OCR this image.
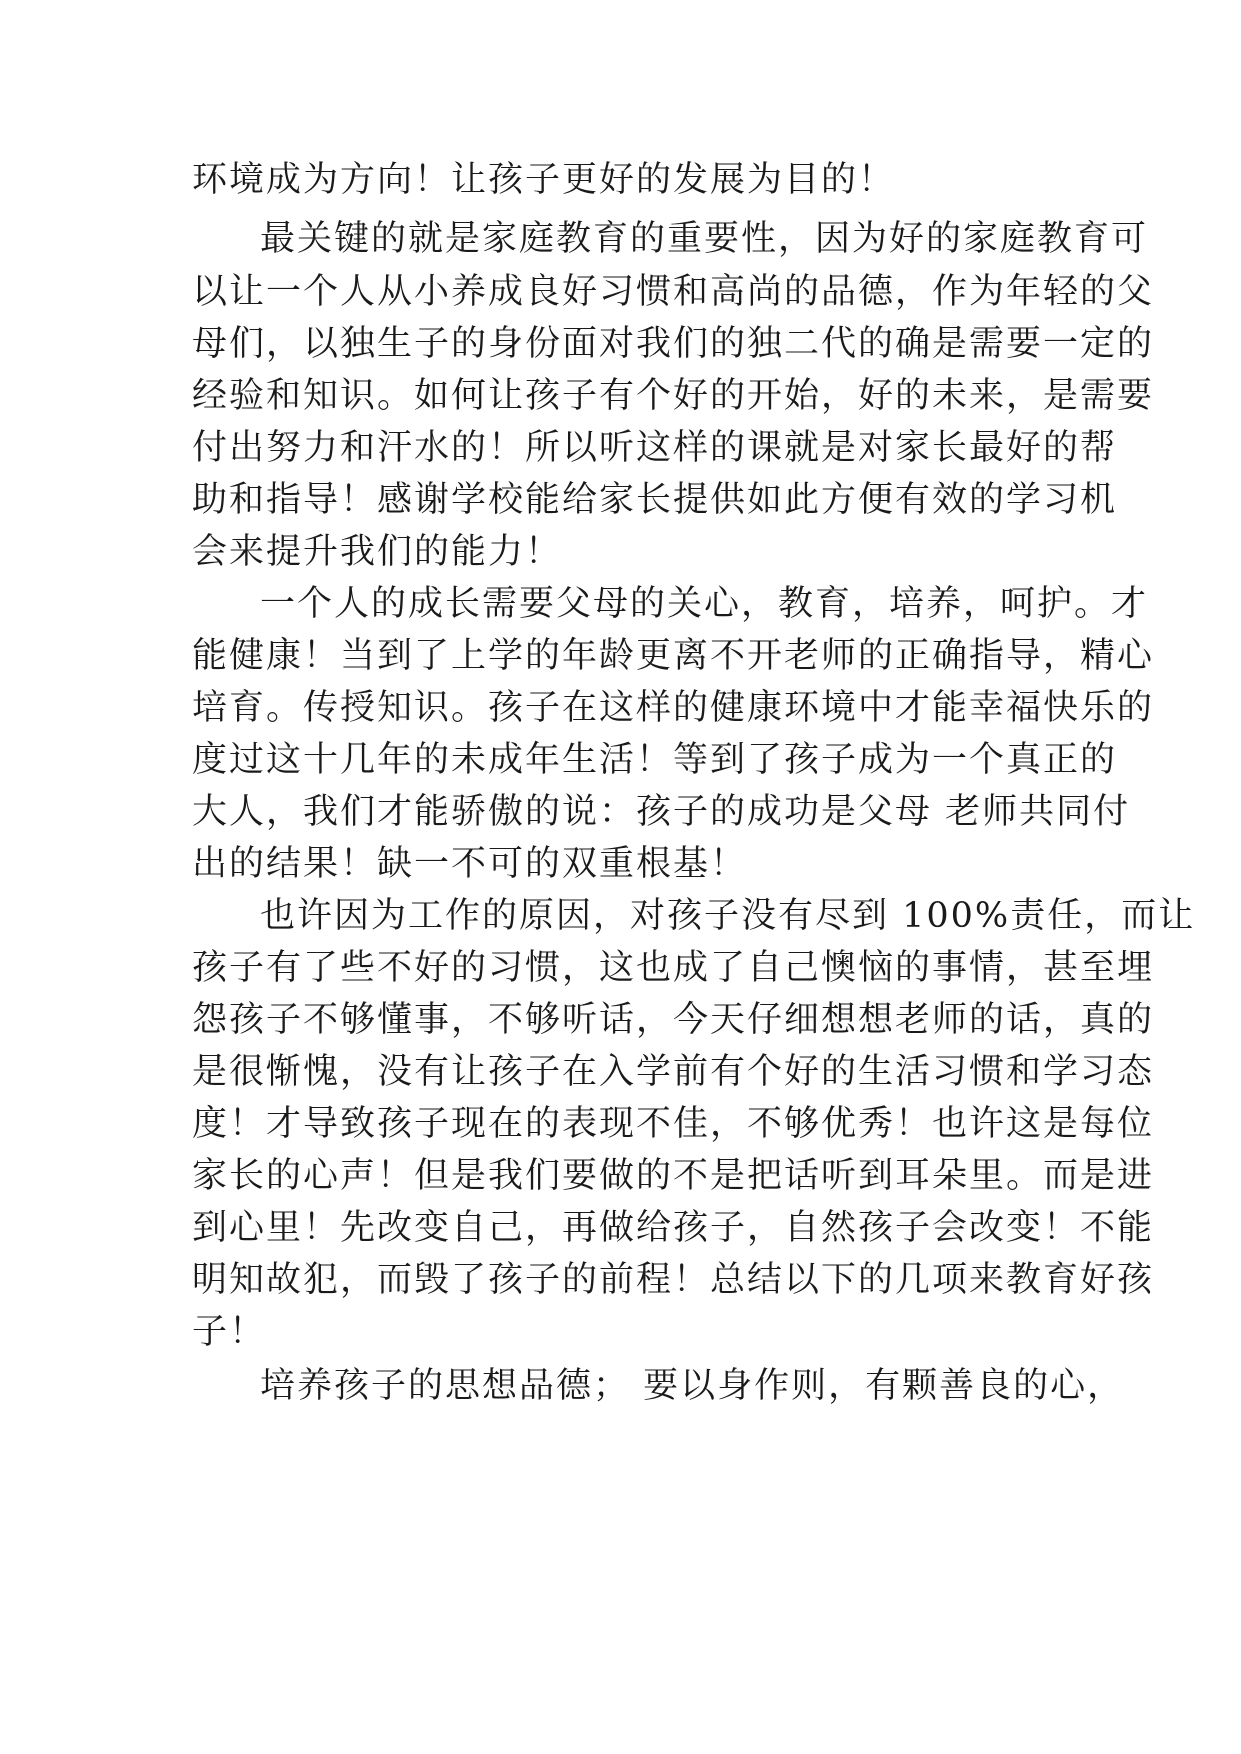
环境成为方向！让孩子更好的发展为目的！
最关键的就是家庭教育的重要性，因为好的家庭教育可
以让一个人从小养成良好习惯和高尚的品德，作为年轻的父
母们，以独生子的身份面对我们的独二代的确是需要一定的
经验和知识。如何让孩子有个好的开始，好的未来，是需要
付出努力和汗水的！所以听这样的课就是对家长最好的帮
助和指导！感谢学校能给家长提供如此方便有效的学习机
会来提升我们的能力！
一个人的成长需要父母的关心，教育，培养，呵护。才
能健康！当到了上学的年龄更离不开老师的正确指导，精心
培育。传授知识。孩子在这样的健康环境中才能幸福快乐的
度过这十几年的未成年生活！等到了孩子成为一个真正的
大人，我们才能骄傲的说：孩子的成功是父母 老师共同付
出的结果！缺一不可的双重根基！
也许因为工作的原因，对孩子没有尽到 100%责任，而让
孩子有了些不好的习惯，这也成了自己懊恼的事情，甚至埋
怨孩子不够懂事，不够听话，今天仔细想想老师的话，真的
是很惭愧，没有让孩子在入学前有个好的生活习惯和学习态
度！才导致孩子现在的表现不佳，不够优秀！也许这是每位
家长的心声！但是我们要做的不是把话听到耳朵里。而是进
到心里！先改变自己，再做给孩子，自然孩子会改变！不能
明知故犯，而毁了孩子的前程！总结以下的几项来教育好孩
子！
培养孩子的思想品德； 要以身作则，有颗善良的心，
